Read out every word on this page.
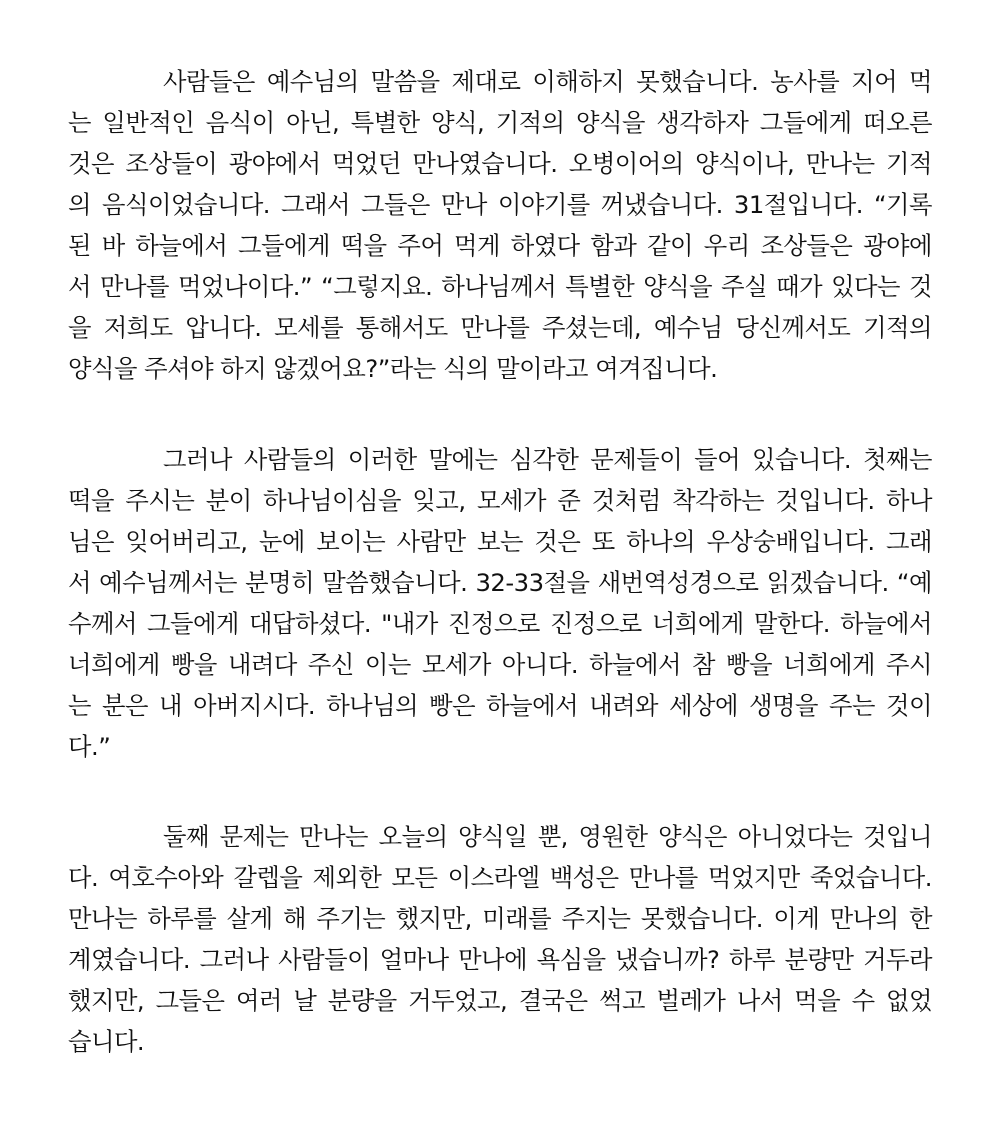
사람들은 예수님의 말씀을 제대로 이해하지 못했습니다. 농사를 지어 먹
는 일반적인 음식이 아닌, 특별한 양식, 기적의 양식을 생각하자 그들에게 떠오른
것은 조상들이 광야에서 먹었던 만나였습니다. 오병이어의 양식이나, 만나는 기적
의 음식이었습니다. 그래서 그들은 만나 이야기를 꺼냈습니다. 31절입니다. “기록
된 바 하늘에서 그들에게 떡을 주어 먹게 하였다 함과 같이 우리 조상들은 광야에
서 만나를 먹었나이다.” “그렇지요. 하나님께서 특별한 양식을 주실 때가 있다는 것
을 저희도 압니다. 모세를 통해서도 만나를 주셨는데, 예수님 당신께서도 기적의
양식을 주셔야 하지 않겠어요?”라는 식의 말이라고 여겨집니다.
그러나 사람들의 이러한 말에는 심각한 문제들이 들어 있습니다. 첫째는
떡을 주시는 분이 하나님이심을 잊고, 모세가 준 것처럼 착각하는 것입니다. 하나
님은 잊어버리고, 눈에 보이는 사람만 보는 것은 또 하나의 우상숭배입니다. 그래
서 예수님께서는 분명히 말씀했습니다. 32-33절을 새번역성경으로 읽겠습니다. “예
수께서 그들에게 대답하셨다. "내가 진정으로 진정으로 너희에게 말한다. 하늘에서
너희에게 빵을 내려다 주신 이는 모세가 아니다. 하늘에서 참 빵을 너희에게 주시
는 분은 내 아버지시다. 하나님의 빵은 하늘에서 내려와 세상에 생명을 주는 것이
다.”
둘째 문제는 만나는 오늘의 양식일 뿐, 영원한 양식은 아니었다는 것입니
다. 여호수아와 갈렙을 제외한 모든 이스라엘 백성은 만나를 먹었지만 죽었습니다.
만나는 하루를 살게 해 주기는 했지만, 미래를 주지는 못했습니다. 이게 만나의 한
계였습니다. 그러나 사람들이 얼마나 만나에 욕심을 냈습니까? 하루 분량만 거두라
했지만, 그들은 여러 날 분량을 거두었고, 결국은 썩고 벌레가 나서 먹을 수 없었
습니다.
